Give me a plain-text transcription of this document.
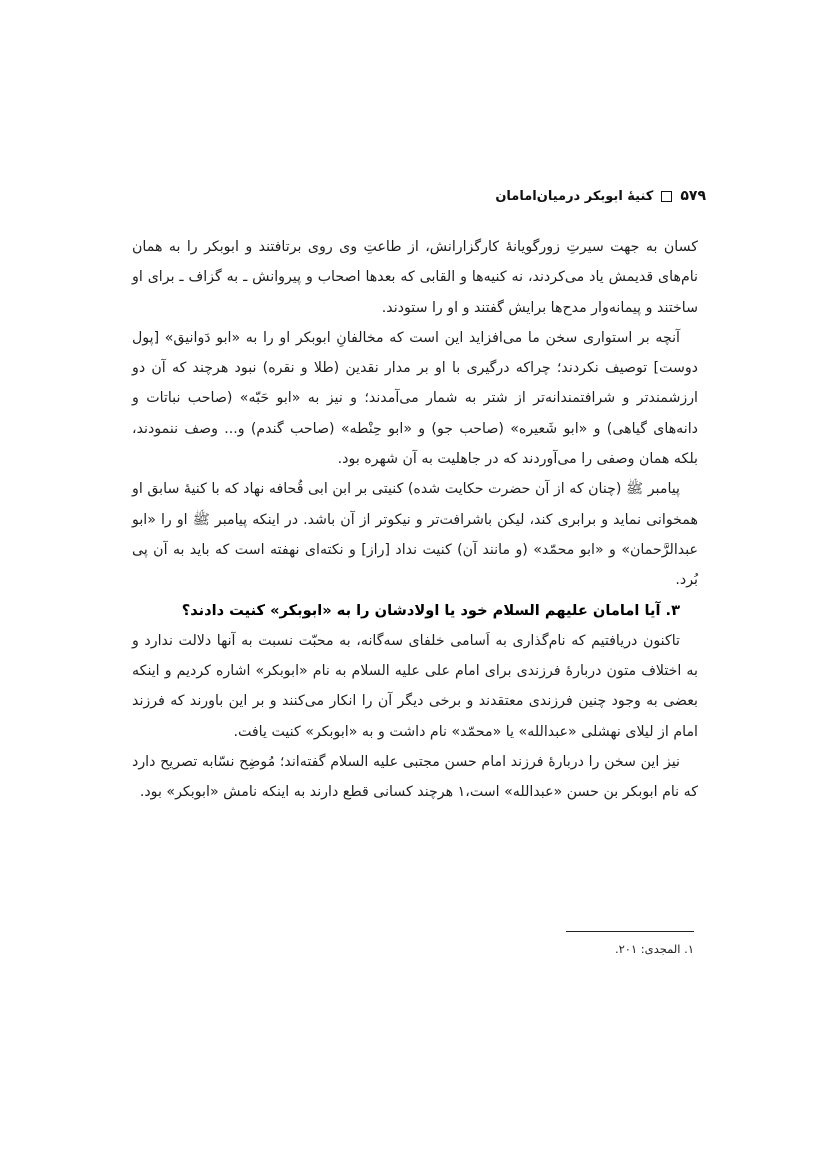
کنیهٔ ابوبکر درمیان‌امامان ۵۷۹

کسان به جهت سیرتِ زورگویانهٔ کارگزارانش، از طاعتِ وی روی برتافتند و ابوبکر را به همان نام‌های قدیمش یاد می‌کردند، نه کنیه‌ها و القابی که بعدها اصحاب و پیروانش ـ به گزاف ـ برای او ساختند و پیمانه‌وار مدح‌ها برایش گفتند و او را ستودند.

آنچه بر استواری سخن ما می‌افزاید این است که مخالفانِ ابوبکر او را به «ابو دَوانیق» [پول دوست] توصیف نکردند؛ چراکه درگیری با او بر مدار نقدین (طلا و نقره) نبود هرچند که آن دو ارزشمندتر و شرافتمندانه‌تر از شتر به شمار می‌آمدند؛ و نیز به «ابو حَبّه» (صاحب نباتات و دانه‌های گیاهی) و «ابو شَعیره» (صاحب جو) و «ابو حِنْطه» (صاحب گندم) و... وصف ننمودند، بلکه همان وصفی را می‌آوردند که در جاهلیت به آن شهره بود.

پیامبر ﷺ (چنان که از آن حضرت حکایت شده) کنیتی بر ابن ابی قُحافه نهاد که با کنیهٔ سابق او همخوانی نماید و برابری کند، لیکن باشرافت‌تر و نیکوتر از آن باشد. در اینکه پیامبر ﷺ او را «ابو عبدالرَّحمان» و «ابو محمّد» (و مانند آن) کنیت نداد [راز] و نکته‌ای نهفته است که باید به آن پی بُرد.

۳. آیا امامان علیهم السلام خود یا اولادشان را به «ابوبکر» کنیت دادند؟

تاکنون دریافتیم که نام‌گذاری به اَسامی خلفای سه‌گانه، به محبّت نسبت به آنها دلالت ندارد و به اختلاف متون دربارهٔ فرزندی برای امام علی علیه السلام به نام «ابوبکر» اشاره کردیم و اینکه بعضی به وجود چنین فرزندی معتقدند و برخی دیگر آن را انکار می‌کنند و بر این باورند که فرزند امام از لیلای نهشلی «عبدالله» یا «محمّد» نام داشت و به «ابوبکر» کنیت یافت.

نیز این سخن را دربارهٔ فرزند امام حسن مجتبی علیه السلام گفته‌اند؛ مُوضِح نسّابه تصریح دارد که نام ابوبکر بن حسن «عبدالله» است،۱ هرچند کسانی قطع دارند به اینکه نامش «ابوبکر» بود.

۱. المجدی: ۲۰۱.
